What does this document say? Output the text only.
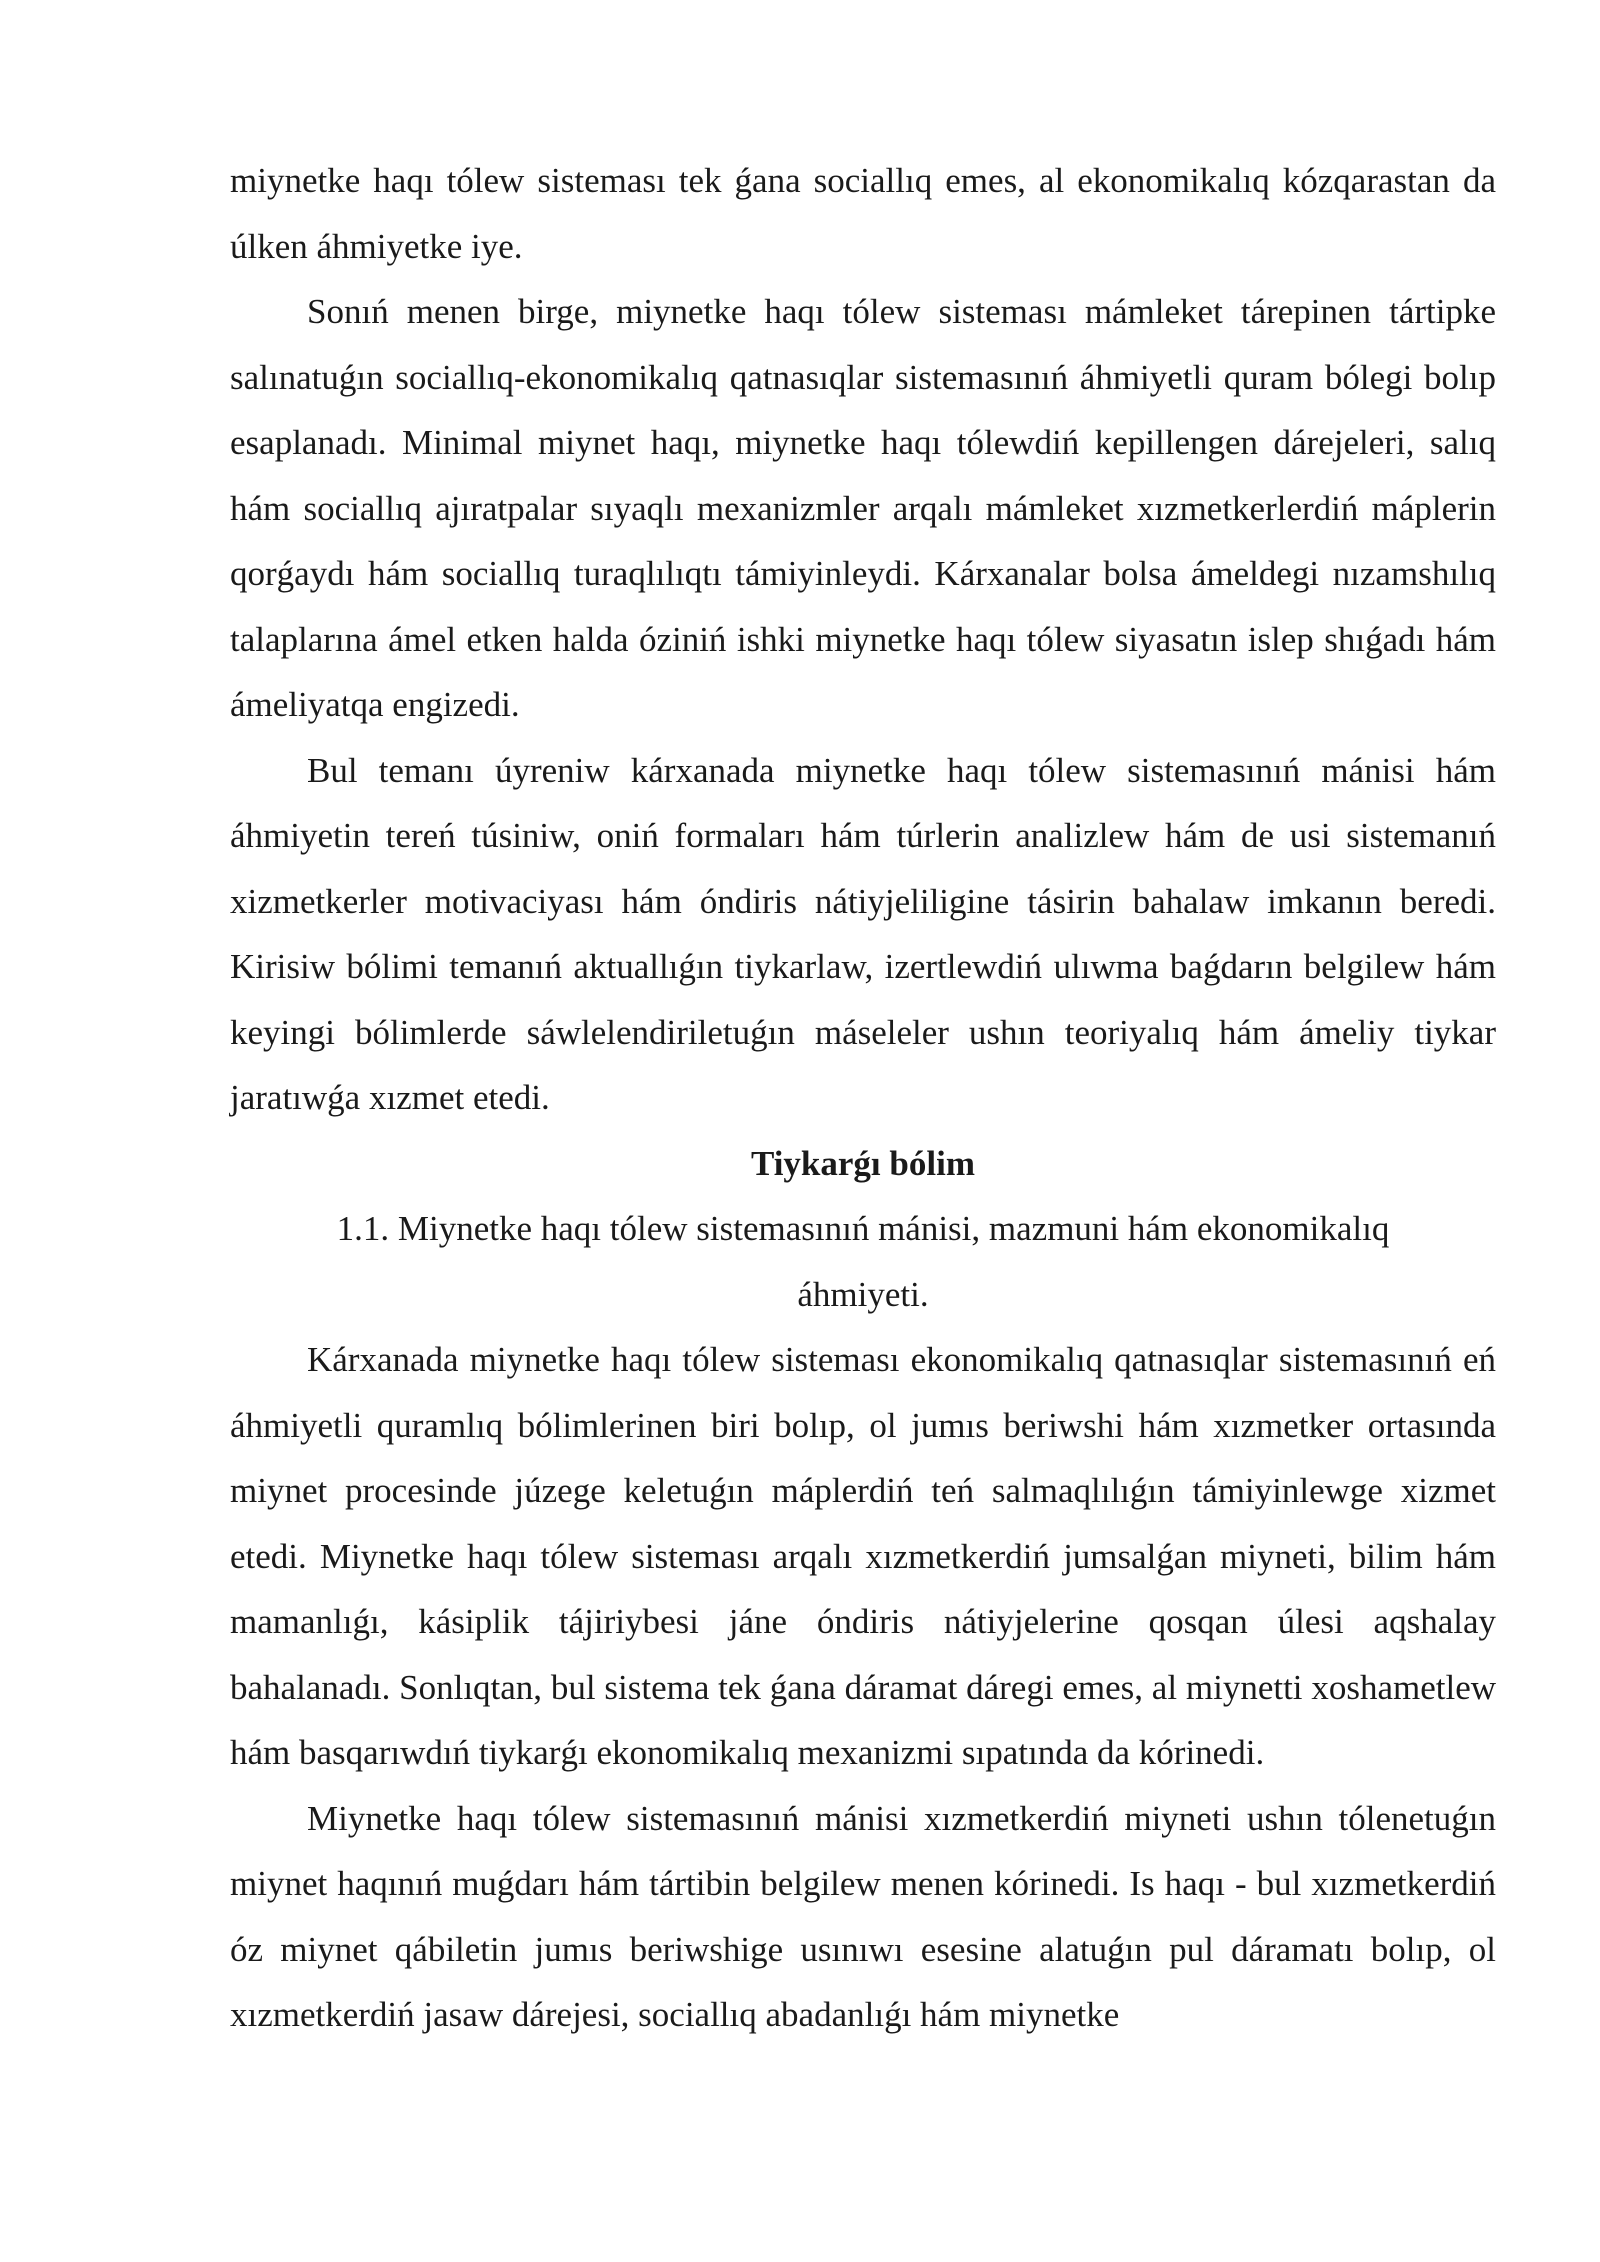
miynetke haqı tólew sisteması tek ǵana sociallıq emes, al ekonomikalıq kózqarastan da úlken áhmiyetke iye.

Sonıń menen birge, miynetke haqı tólew sisteması mámleket tárepinen tártipke salınatuǵın sociallıq-ekonomikalıq qatnasıqlar sistemasınıń áhmiyetli quram bólegi bolıp esaplanadı. Minimal miynet haqı, miynetke haqı tólewdiń kepillengen dárejeleri, salıq hám sociallıq ajıratpalar sıyaqlı mexanizmler arqalı mámleket xızmetkerlerdiń máplerin qorǵaydı hám sociallıq turaqlılıqtı támiyinleydi. Kárxanalar bolsa ámeldegi nızamshılıq talaplarına ámel etken halda óziniń ishki miynetke haqı tólew siyasatın islep shıǵadı hám ámeliyatqa engizedi.

Bul temanı úyreniw kárxanada miynetke haqı tólew sistemasınıń mánisi hám áhmiyetin tereń túsiniw, oniń formaları hám túrlerin analizlew hám de usi sistemanıń xizmetkerler motivaciyası hám óndiris nátiyjeliligine tásirin bahalaw imkanın beredi. Kirisiw bólimi temanıń aktuallıǵın tiykarlaw, izertlewdiń ulıwma baǵdarın belgilew hám keyingi bólimlerde sáwlelendiriletuǵın máseleler ushın teoriyalıq hám ámeliy tiykar jaratıwǵa xızmet etedi.

Tiykarǵı bólim

1.1. Miynetke haqı tólew sistemasınıń mánisi, mazmuni hám ekonomikalıq áhmiyeti.

Kárxanada miynetke haqı tólew sisteması ekonomikalıq qatnasıqlar sistemasınıń eń áhmiyetli quramlıq bólimlerinen biri bolıp, ol jumıs beriwshi hám xızmetker ortasında miynet procesinde júzege keletuǵın máplerdiń teń salmaqlılıǵın támiyinlewge xizmet etedi. Miynetke haqı tólew sisteması arqalı xızmetkerdiń jumsalǵan miyneti, bilim hám mamanlıǵı, kásiplik tájiriybesi jáne óndiris nátiyjelerine qosqan úlesi aqshalay bahalanadı. Sonlıqtan, bul sistema tek ǵana dáramat dáregi emes, al miynetti xoshametlew hám basqarıwdıń tiykarǵı ekonomikalıq mexanizmi sıpatında da kórinedi.

Miynetke haqı tólew sistemasınıń mánisi xızmetkerdiń miyneti ushın tólenetuǵın miynet haqınıń muǵdarı hám tártibin belgilew menen kórinedi. Is haqı - bul xızmetkerdiń óz miynet qábiletin jumıs beriwshige usınıwı esesine alatuǵın pul dáramatı bolıp, ol xızmetkerdiń jasaw dárejesi, sociallıq abadanlıǵı hám miynetke
